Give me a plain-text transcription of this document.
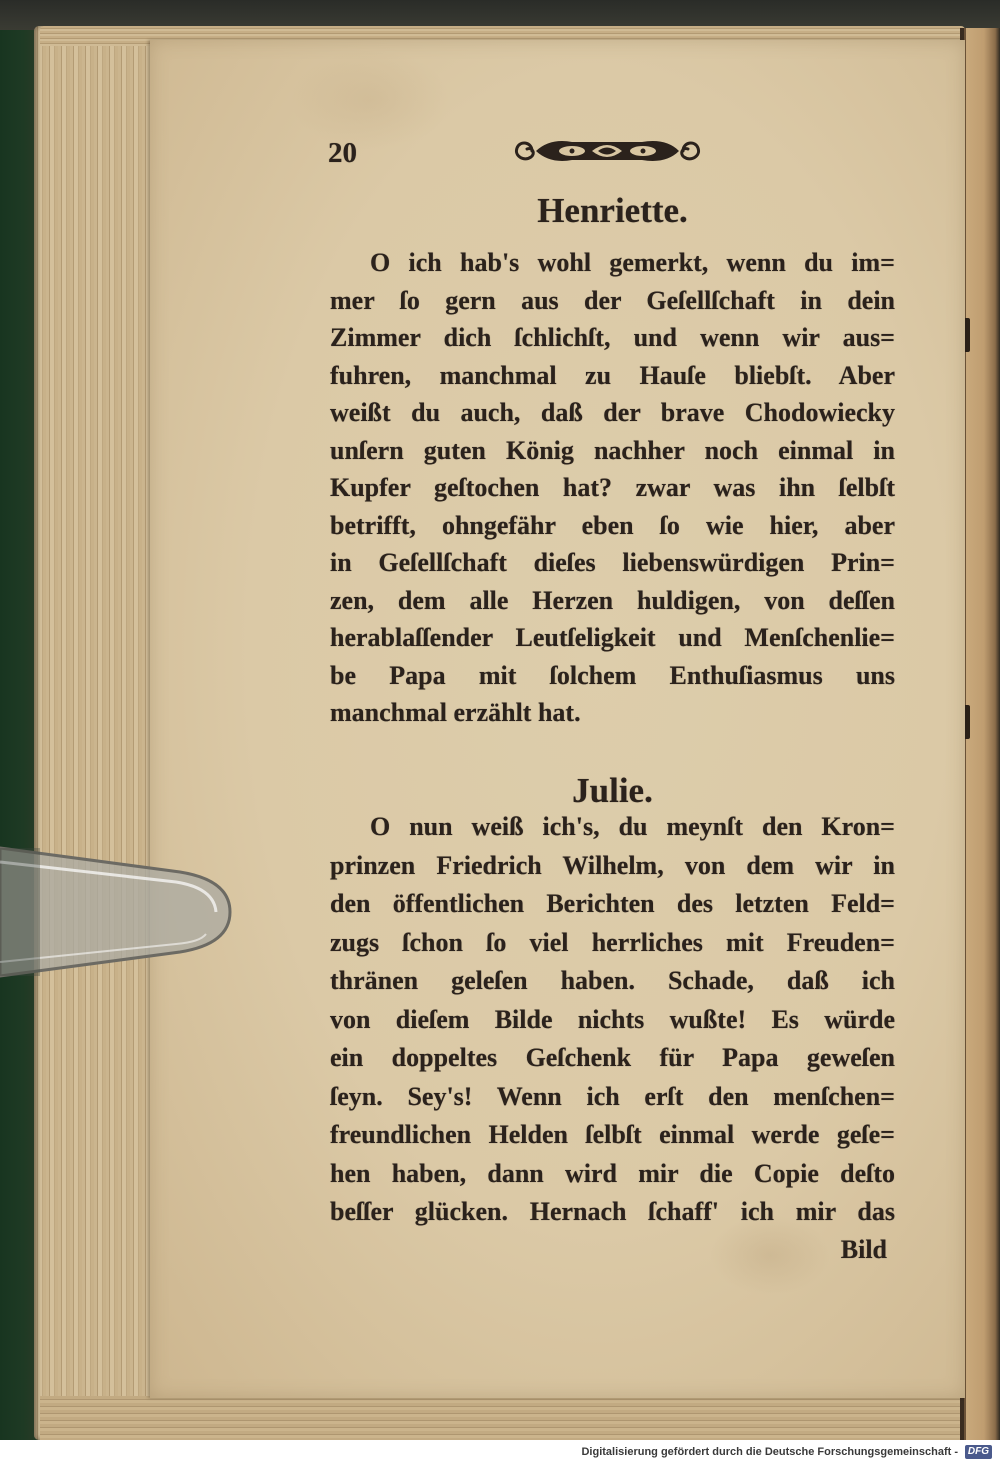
20
Henriette.
O ich hab's wohl gemerkt, wenn du im=
mer ſo gern aus der Geſellſchaft in dein
Zimmer dich ſchlichſt, und wenn wir aus=
fuhren, manchmal zu Hauſe bliebſt. Aber
weißt du auch, daß der brave Chodowiecky
unſern guten König nachher noch einmal in
Kupfer geſtochen hat? zwar was ihn ſelbſt
betrifft, ohngefähr eben ſo wie hier, aber
in Geſellſchaft dieſes liebenswürdigen Prin=
zen, dem alle Herzen huldigen, von deſſen
herablaſſender Leutſeligkeit und Menſchenlie=
be Papa mit ſolchem Enthuſiasmus uns
manchmal erzählt hat.
Julie.
O nun weiß ich's, du meynſt den Kron=
prinzen Friedrich Wilhelm, von dem wir in
den öffentlichen Berichten des letzten Feld=
zugs ſchon ſo viel herrliches mit Freuden=
thränen geleſen haben. Schade, daß ich
von dieſem Bilde nichts wußte! Es würde
ein doppeltes Geſchenk für Papa geweſen
ſeyn. Sey's! Wenn ich erſt den menſchen=
freundlichen Helden ſelbſt einmal werde geſe=
hen haben, dann wird mir die Copie deſto
beſſer glücken. Hernach ſchaff' ich mir das
Bild
Digitalisierung gefördert durch die Deutsche Forschungsgemeinschaft - DFG
